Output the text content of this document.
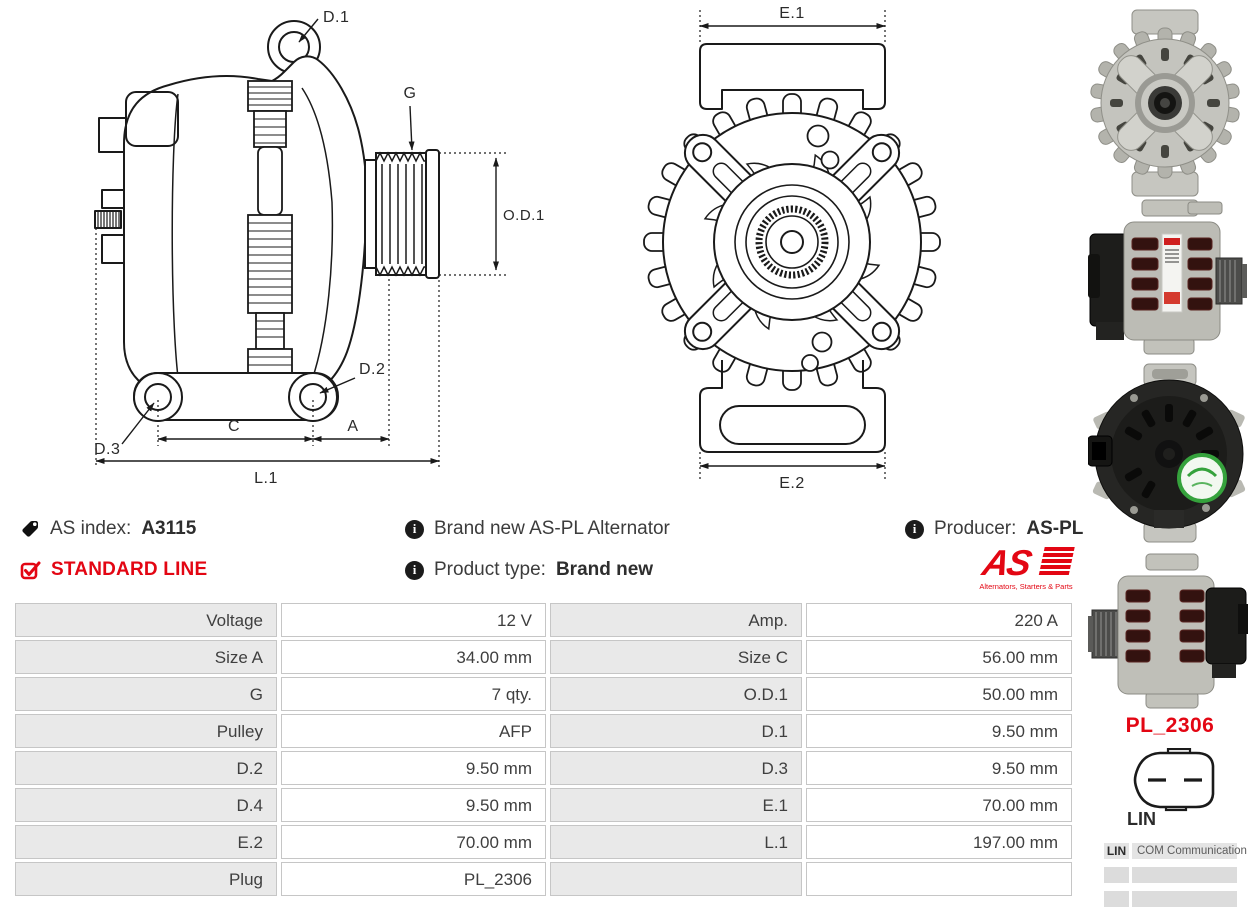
D.1
G
O.D.1
D.2
D.3
C	A
L.1
E.1
E.2
AS index: A3115
STANDARD LINE
i Brand new AS-PL Alternator
i Product type: Brand new
i Producer: AS-PL
AS
Alternators, Starters & Parts
Voltage	12 V	Amp.	220 A
Size A	34.00 mm	Size C	56.00 mm
G	7 qty.	O.D.1	50.00 mm
Pulley	AFP	D.1	9.50 mm
D.2	9.50 mm	D.3	9.50 mm
D.4	9.50 mm	E.1	70.00 mm
E.2	70.00 mm	L.1	197.00 mm
Plug	PL_2306
PL_2306
LIN
LIN COM Communication
